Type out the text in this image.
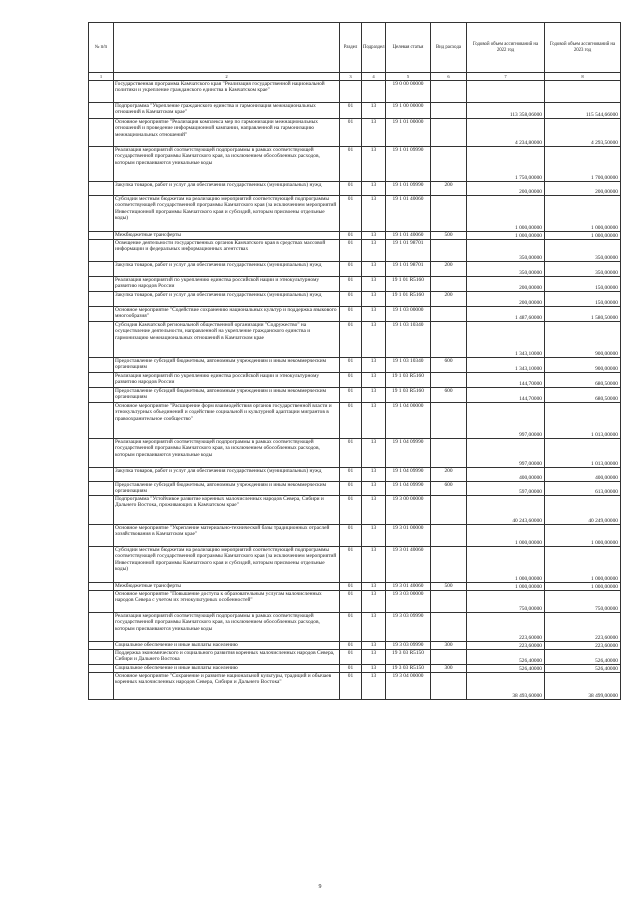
№ п/п		Раздел	Подраздел	Целевая статья	Вид расхода	Годовой объем ассигнований на 2022 год	Годовой объем ассигнований на 2023 год
1	2	3	4	5	6	7	8
	Государственная программа Камчатского края "Реализация государственной национальной политики и укрепление гражданского единства в Камчатском крае"			19 0 00 00000			
	Подпрограмма "Укрепление гражданского единства и гармонизация межнациональных отношений в Камчатском крае"	01	13	19 1 00 00000		113 358,06000	115 544,66000
	Основное мероприятие "Реализация комплекса мер по гармонизации межнациональных отношений и проведение информационной кампании, направленной на гармонизацию межнациональных отношений"	01	13	19 1 01 00000		4 234,80000	4 293,50000
	Реализация мероприятий соответствующей подпрограммы в рамках соответствующей государственной программы Камчатского края, за исключением обособленных расходов, которым присваиваются уникальные коды	01	13	19 1 01 09990		1 750,00000	1 700,00000
	Закупка товаров, работ и услуг для обеспечения государственных (муниципальных) нужд	01	13	19 1 01 09990	200	200,00000	200,00000
	Субсидии местным бюджетам на реализацию мероприятий соответствующей подпрограммы соответствующей государственной программы Камчатского края (за исключением мероприятий Инвестиционной программы Камчатского края и субсидий, которым присвоены отдельные коды)	01	13	19 1 01 40060		1 000,00000	1 000,00000
	Межбюджетные трансферты	01	13	19 1 01 40060	500	1 000,00000	1 000,00000
	Освещение деятельности государственных органов Камчатского края в средствах массовой информации и федеральных информационных агентствах	01	13	19 1 01 98701		350,00000	350,00000
	Закупка товаров, работ и услуг для обеспечения государственных (муниципальных) нужд	01	13	19 1 01 98701	200	350,00000	350,00000
	Реализация мероприятий по укреплению единства российской нации и этнокультурному развитию народов России	01	13	19 1 01 R5160		200,00000	150,00000
	Закупка товаров, работ и услуг для обеспечения государственных (муниципальных) нужд	01	13	19 1 01 R5160	200	200,00000	150,00000
	Основное мероприятие "Содействие сохранению национальных культур и поддержка языкового многообразия"	01	13	19 1 03 00000		1 487,60000	1 580,50000
	Субсидия Камчатской региональной общественной организации "Содружество" на осуществление деятельности, направленной на укрепление гражданского единства и гармонизацию межнациональных отношений в Камчатском крае	01	13	19 1 03 10340		1 343,10000	900,00000
	Предоставление субсидий бюджетным, автономным учреждениям и иным некоммерческим организациям	01	13	19 1 03 10340	600	1 343,10000	900,00000
	Реализация мероприятий по укреплению единства российской нации и этнокультурному развитию народов России	01	13	19 1 03 R5160		144,70000	680,50000
	Предоставление субсидий бюджетным, автономным учреждениям и иным некоммерческим организациям	01	13	19 1 03 R5160	600	144,70000	680,50000
	Основное мероприятие "Расширение форм взаимодействия органов государственной власти и этнокультурных объединений и содействие социальной и культурной адаптации мигрантов в правоохранительное сообщество"	01	13	19 1 04 00000		997,00000	1 013,00000
	Реализация мероприятий соответствующей подпрограммы в рамках соответствующей государственной программы Камчатского края, за исключением обособленных расходов, которым присваиваются уникальные коды	01	13	19 1 04 09990		997,00000	1 013,00000
	Закупка товаров, работ и услуг для обеспечения государственных (муниципальных) нужд	01	13	19 1 04 09990	200	400,00000	400,00000
	Предоставление субсидий бюджетным, автономным учреждениям и иным некоммерческим организациям	01	13	19 1 04 09990	600	597,00000	613,00000
	Подпрограмма "Устойчивое развитие коренных малочисленных народов Севера, Сибири и Дальнего Востока, проживающих в Камчатском крае"	01	13	19 3 00 00000		40 243,60000	40 249,00000
	Основное мероприятие "Укрепление материально-технической базы традиционных отраслей хозяйствования в Камчатском крае"	01	13	19 3 01 00000		1 000,00000	1 000,00000
	Субсидии местным бюджетам на реализацию мероприятий соответствующей подпрограммы соответствующей государственной программы Камчатского края (за исключением мероприятий Инвестиционной программы Камчатского края и субсидий, которым присвоены отдельные коды)	01	13	19 3 01 40060		1 000,00000	1 000,00000
	Межбюджетные трансферты	01	13	19 3 01 40060	500	1 000,00000	1 000,00000
	Основное мероприятие "Повышение доступа к образовательным услугам малочисленных народов Севера с учетом их этнокультурных особенностей"	01	13	19 3 03 00000		750,00000	750,00000
	Реализация мероприятий соответствующей подпрограммы в рамках соответствующей государственной программы Камчатского края, за исключением обособленных расходов, которым присваиваются уникальные коды	01	13	19 3 03 09990		223,60000	223,60000
	Социальное обеспечение и иные выплаты населению	01	13	19 3 03 09990	300	223,60000	223,60000
	Поддержка экономического и социального развития коренных малочисленных народов Севера, Сибири и Дальнего Востока	01	13	19 3 03 R5150		526,40000	526,40000
	Социальное обеспечение и иные выплаты населению	01	13	19 3 03 R5150	300	526,40000	526,40000
	Основное мероприятие "Сохранение и развитие национальной культуры, традиций и обычаев коренных малочисленных народов Севера, Сибири и Дальнего Востока"	01	13	19 3 04 00000		38 493,60000	38 499,00000
9
